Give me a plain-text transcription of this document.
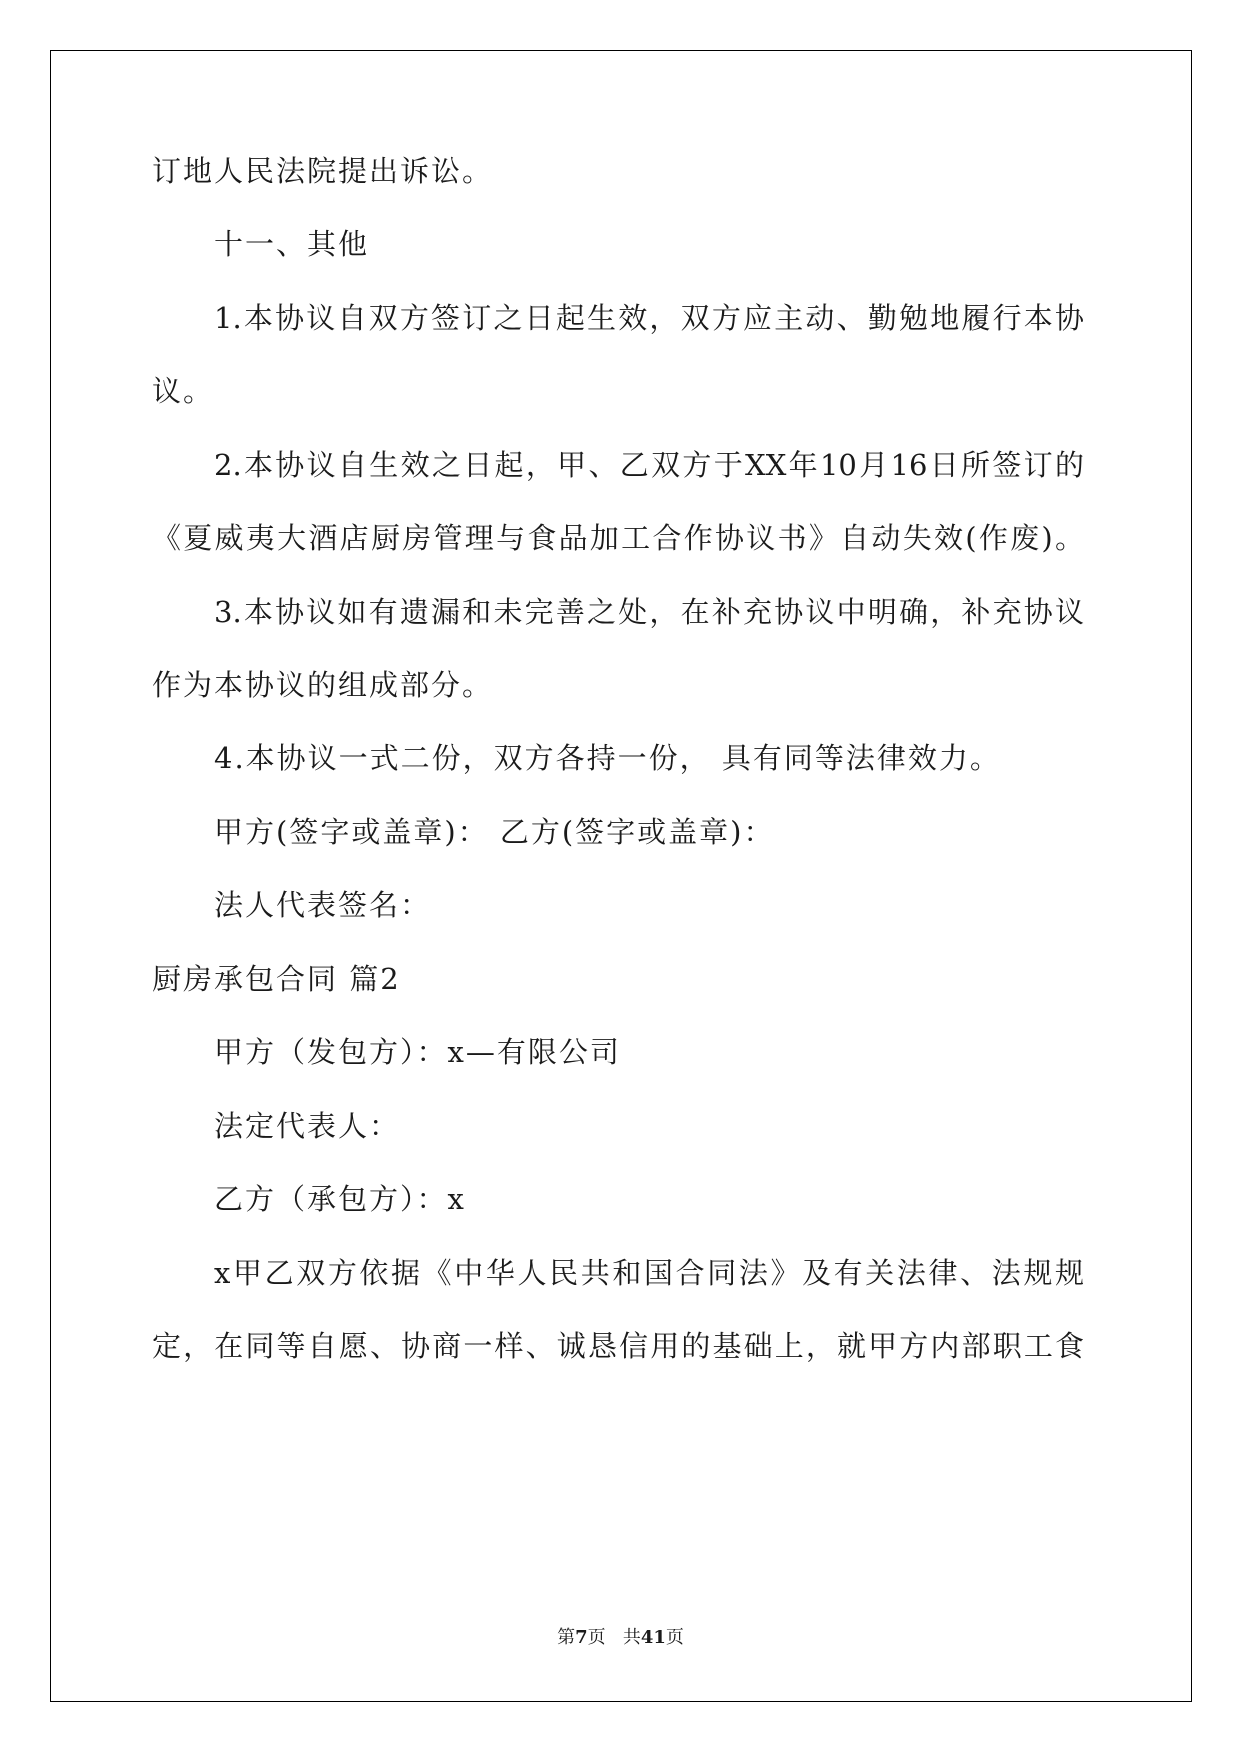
订地人民法院提出诉讼。
十一、其他
1.本协议自双方签订之日起生效，双方应主动、勤勉地履行本协
议。
2.本协议自生效之日起，甲、乙双方于XX年10月16日所签订的
《夏威夷大酒店厨房管理与食品加工合作协议书》自动失效(作废)。
3.本协议如有遗漏和未完善之处，在补充协议中明确，补充协议
作为本协议的组成部分。
4.本协议一式二份，双方各持一份， 具有同等法律效力。
甲方(签字或盖章)： 乙方(签字或盖章)：
法人代表签名：
厨房承包合同 篇2
甲方（发包方）：x—有限公司
法定代表人：
乙方（承包方）：x
x甲乙双方依据《中华人民共和国合同法》及有关法律、法规规
定，在同等自愿、协商一样、诚恳信用的基础上，就甲方内部职工食
第7页 共41页
